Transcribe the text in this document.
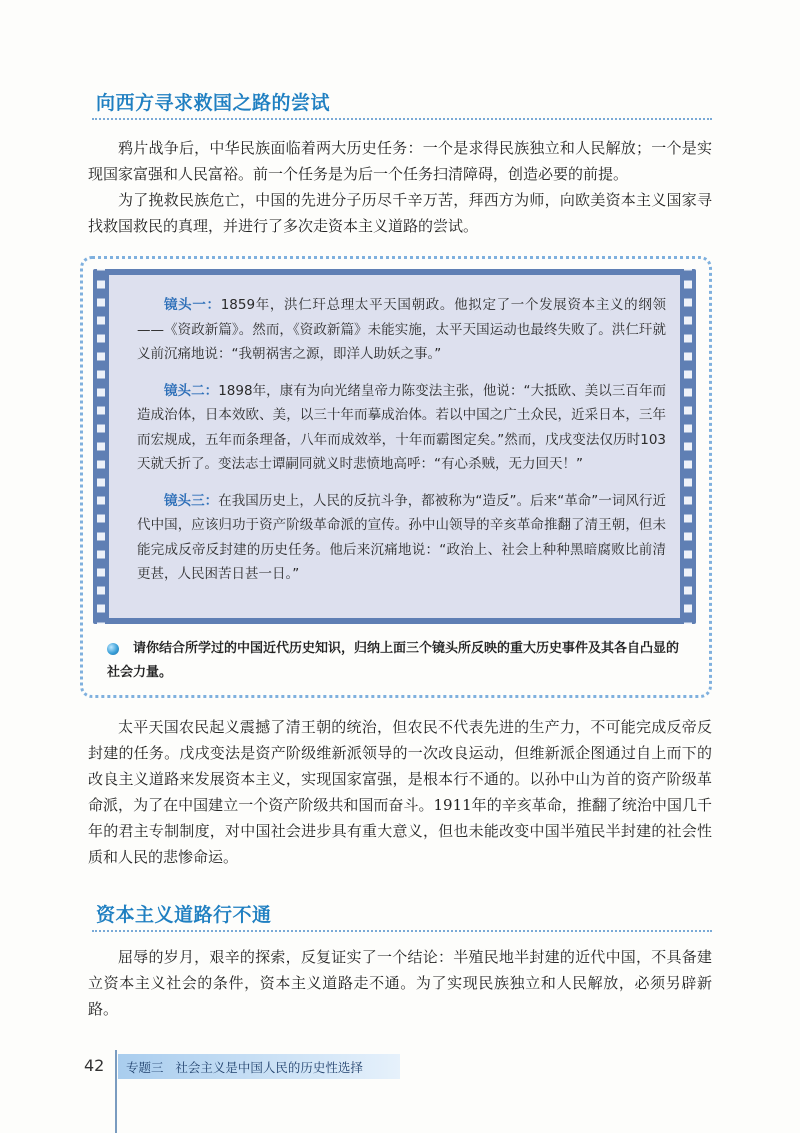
向西方寻求救国之路的尝试

鸦片战争后，中华民族面临着两大历史任务：一个是求得民族独立和人民解放；一个是实现国家富强和人民富裕。前一个任务是为后一个任务扫清障碍，创造必要的前提。

为了挽救民族危亡，中国的先进分子历尽千辛万苦，拜西方为师，向欧美资本主义国家寻找救国救民的真理，并进行了多次走资本主义道路的尝试。

镜头一：1859年，洪仁玕总理太平天国朝政。他拟定了一个发展资本主义的纲领——《资政新篇》。然而，《资政新篇》未能实施，太平天国运动也最终失败了。洪仁玕就义前沉痛地说：“我朝祸害之源，即洋人助妖之事。”

镜头二：1898年，康有为向光绪皇帝力陈变法主张，他说：“大抵欧、美以三百年而造成治体，日本效欧、美，以三十年而摹成治体。若以中国之广土众民，近采日本，三年而宏规成，五年而条理备，八年而成效举，十年而霸图定矣。”然而，戊戌变法仅历时103天就夭折了。变法志士谭嗣同就义时悲愤地高呼：“有心杀贼，无力回天！”

镜头三：在我国历史上，人民的反抗斗争，都被称为“造反”。后来“革命”一词风行近代中国，应该归功于资产阶级革命派的宣传。孙中山领导的辛亥革命推翻了清王朝，但未能完成反帝反封建的历史任务。他后来沉痛地说：“政治上、社会上种种黑暗腐败比前清更甚，人民困苦日甚一日。”

请你结合所学过的中国近代历史知识，归纳上面三个镜头所反映的重大历史事件及其各自凸显的社会力量。

太平天国农民起义震撼了清王朝的统治，但农民不代表先进的生产力，不可能完成反帝反封建的任务。戊戌变法是资产阶级维新派领导的一次改良运动，但维新派企图通过自上而下的改良主义道路来发展资本主义，实现国家富强，是根本行不通的。以孙中山为首的资产阶级革命派，为了在中国建立一个资产阶级共和国而奋斗。1911年的辛亥革命，推翻了统治中国几千年的君主专制制度，对中国社会进步具有重大意义，但也未能改变中国半殖民半封建的社会性质和人民的悲惨命运。

资本主义道路行不通

屈辱的岁月，艰辛的探索，反复证实了一个结论：半殖民地半封建的近代中国，不具备建立资本主义社会的条件，资本主义道路走不通。为了实现民族独立和人民解放，必须另辟新路。

42 专题三   社会主义是中国人民的历史性选择
